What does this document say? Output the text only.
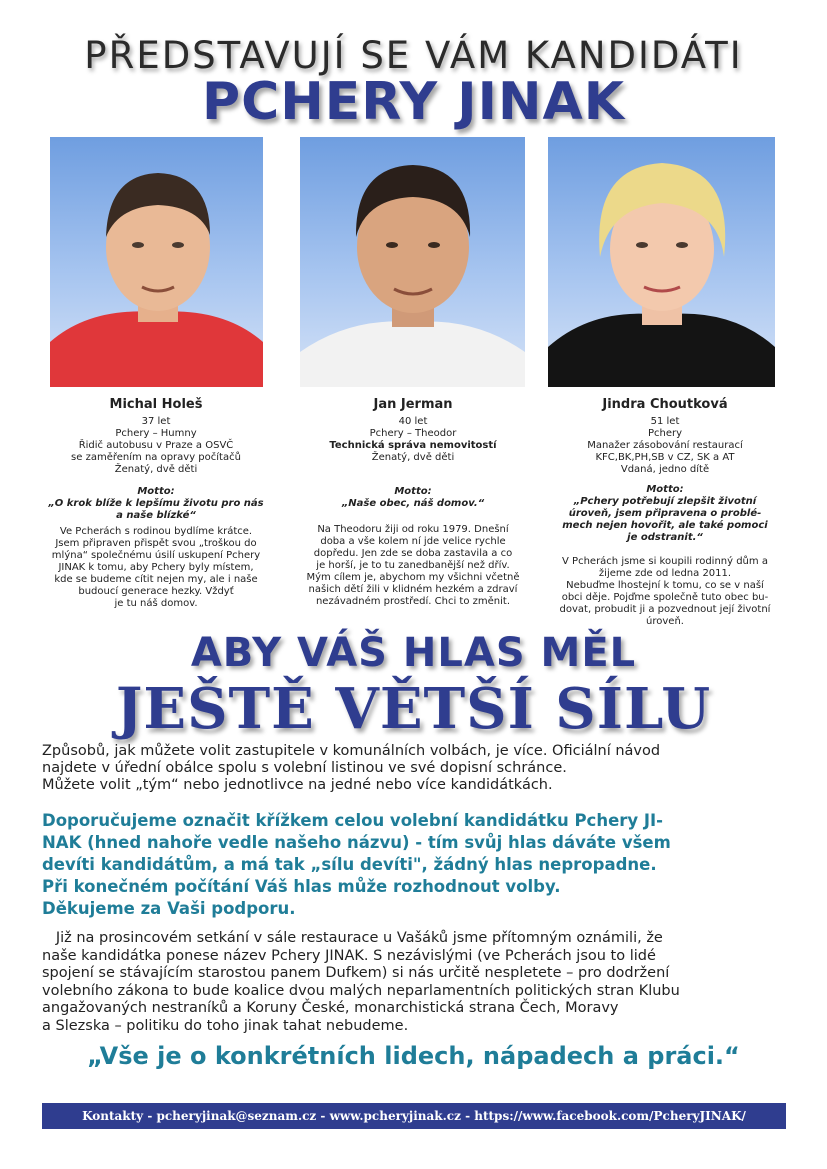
PŘEDSTAVUJÍ SE VÁM KANDIDÁTI
PCHERY JINAK
Michal Holeš
37 let
Pchery – Humny
Řidič autobusu v Praze a OSVČ
se zaměřením na opravy počítačů
Ženatý, dvě děti
Motto:
„O krok blíže k lepšímu životu pro nás
a naše blízké“
Ve Pcherách s rodinou bydlíme krátce.
Jsem připraven přispět svou „troškou do
mlýna“ společnému úsilí uskupení Pchery
JINAK k tomu, aby Pchery byly místem,
kde se budeme cítit nejen my, ale i naše
budoucí generace hezky. Vždyť
je tu náš domov.
Jan Jerman
40 let
Pchery – Theodor
Technická správa nemovitostí
Ženatý, dvě děti
Motto:
„Naše obec, náš domov.“
Na Theodoru žiji od roku 1979. Dnešní
doba a vše kolem ní jde velice rychle
dopředu. Jen zde se doba zastavila a co
je horší, je to tu zanedbanější než dřív.
Mým cílem je, abychom my všichni včetně
našich dětí žili v klidném hezkém a zdraví
nezávadném prostředí. Chci to změnit.
Jindra Choutková
51 let
Pchery
Manažer zásobování restaurací
KFC,BK,PH,SB v CZ, SK a AT
Vdaná, jedno dítě
Motto:
„Pchery potřebují zlepšit životní
úroveň, jsem připravena o problé-
mech nejen hovořit, ale také pomoci
je odstranit.“
V Pcherách jsme si koupili rodinný dům a
žijeme zde od ledna 2011.
Nebuďme lhostejní k tomu, co se v naší
obci děje. Pojďme společně tuto obec bu-
dovat, probudit ji a pozvednout její životní
úroveň.
ABY VÁŠ HLAS MĚL
JEŠTĚ VĚTŠÍ SÍLU
Způsobů, jak můžete volit zastupitele v komunálních volbách, je více. Oficiální návod
najdete v úřední obálce spolu s volební listinou ve své dopisní schránce.
Můžete volit „tým“ nebo jednotlivce na jedné nebo více kandidátkách.
Doporučujeme označit křížkem celou volební kandidátku Pchery JI-
NAK (hned nahoře vedle našeho názvu) - tím svůj hlas dáváte všem
devíti kandidátům, a má tak „sílu devíti", žádný hlas nepropadne.
Při konečném počítání Váš hlas může rozhodnout volby.
Děkujeme za Vaši podporu.
Již na prosincovém setkání v sále restaurace u Vašáků jsme přítomným oznámili, že
naše kandidátka ponese název Pchery JINAK. S nezávislými (ve Pcherách jsou to lidé
spojení se stávajícím starostou panem Dufkem) si nás určitě nespletete – pro dodržení
volebního zákona to bude koalice dvou malých neparlamentních politických stran Klubu
angažovaných nestraníků a Koruny České, monarchistická strana Čech, Moravy
a Slezska – politiku do toho jinak tahat nebudeme.
„Vše je o konkrétních lidech, nápadech a práci.“
Kontakty - pcheryjinak@seznam.cz - www.pcheryjinak.cz - https://www.facebook.com/PcheryJINAK/
